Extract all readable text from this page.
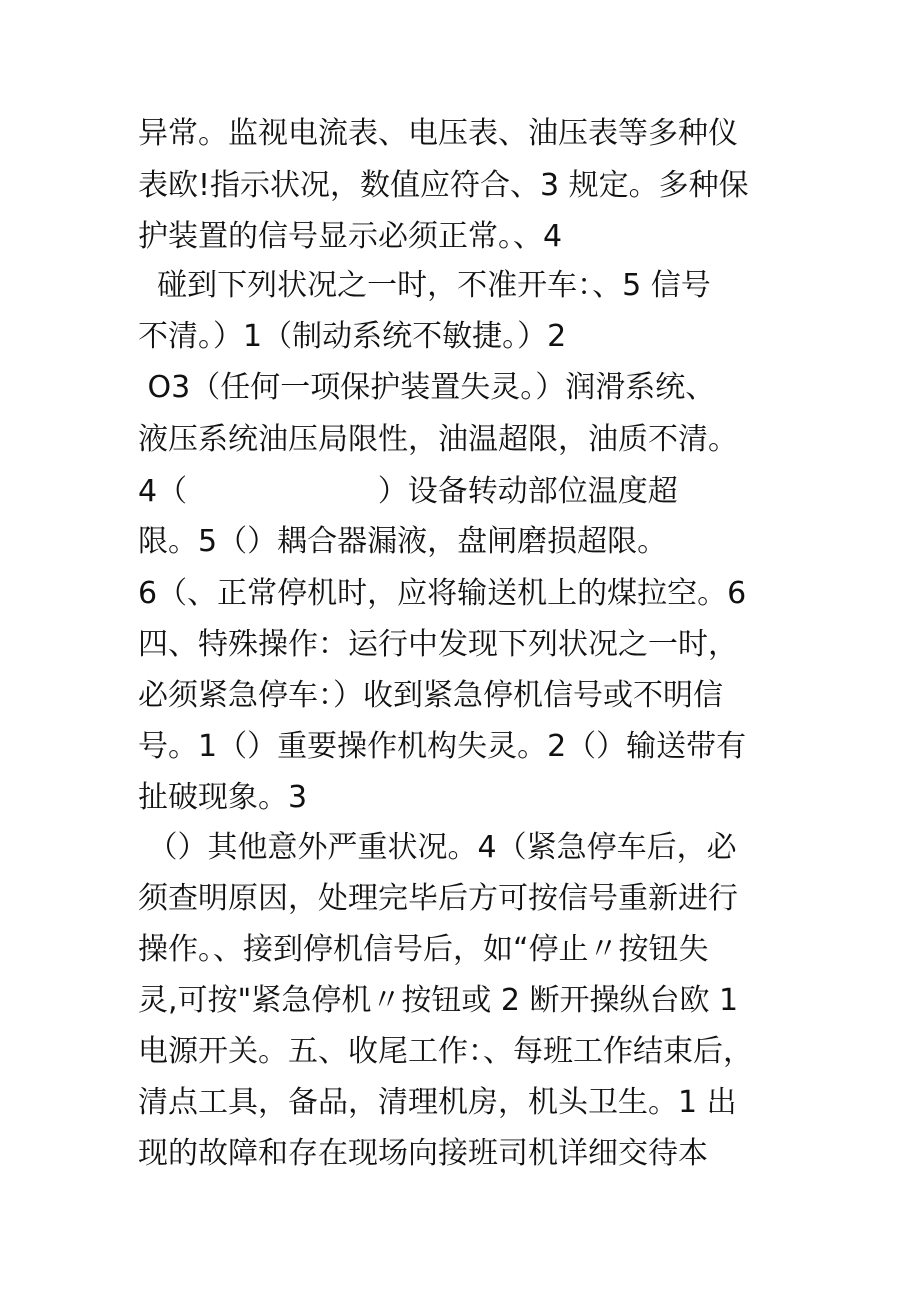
异常。监视电流表、电压表、油压表等多种仪
表欧!指示状况，数值应符合、3 规定。多种保
护装置的信号显示必须正常。、4
碰到下列状况之一时，不准开车：、5 信号
不清。）1（制动系统不敏捷。）2
O3（任何一项保护装置失灵。）润滑系统、
液压系统油压局限性，油温超限，油质不清。
4（                    ）设备转动部位温度超
限。5（）耦合器漏液，盘闸磨损超限。
6（、正常停机时，应将输送机上的煤拉空。6
四、特殊操作：运行中发现下列状况之一时，
必须紧急停车：）收到紧急停机信号或不明信
号。1（）重要操作机构失灵。2（）输送带有
扯破现象。3
（）其他意外严重状况。4（紧急停车后，必
须查明原因，处理完毕后方可按信号重新进行
操作。、接到停机信号后，如“停止〃按钮失
灵,可按"紧急停机〃按钮或 2 断开操纵台欧 1
电源开关。五、收尾工作：、每班工作结束后，
清点工具，备品，清理机房，机头卫生。1 出
现的故障和存在现场向接班司机详细交待本
